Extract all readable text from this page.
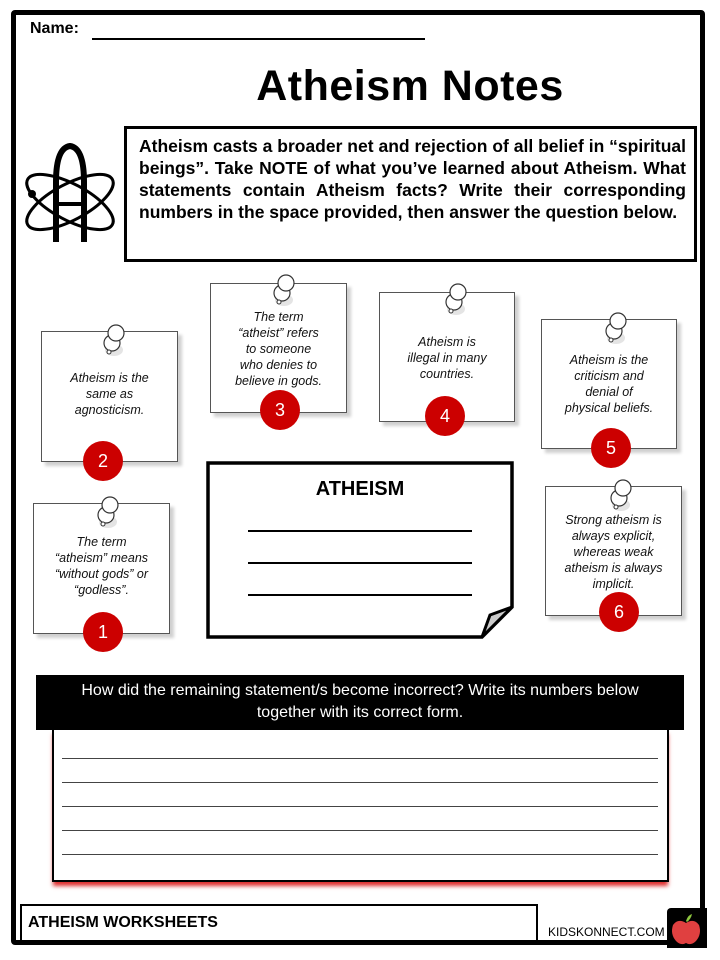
Name:
Atheism Notes
Atheism casts a broader net and rejection of all belief in “spiritual beings”. Take NOTE of what you’ve learned about Atheism. What statements contain Atheism facts? Write their corresponding numbers in the space provided, then answer the question below.
Atheism is the
same as
agnosticism.
2
The term
“atheist” refers
to someone
who denies to
believe in gods.
3
Atheism is
illegal in many
countries.
4
Atheism is the
criticism and
denial of
physical beliefs.
5
The term
“atheism” means
“without gods” or
“godless”.
1
Strong atheism is
always explicit,
whereas weak
atheism is always
implicit.
6
ATHEISM
How did the remaining statement/s become incorrect? Write its numbers below
together with its correct form.
ATHEISM WORKSHEETS
KIDSKONNECT.COM
